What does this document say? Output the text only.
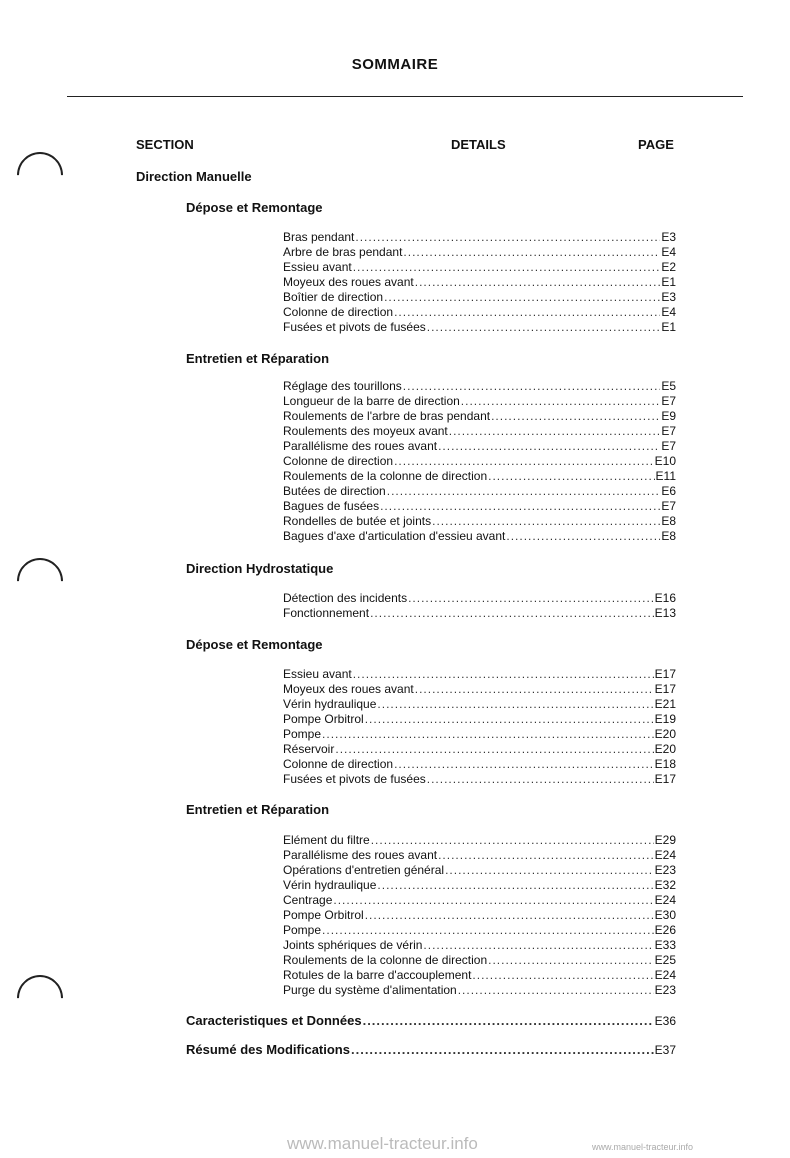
SOMMAIRE
SECTION	DETAILS	PAGE
Direction Manuelle
Dépose et Remontage
Entretien et Réparation
Direction Hydrostatique
Dépose et Remontage
Entretien et Réparation
Caracteristiques et Données .....	E36
Résumé des Modifications .....	E37
www.manuel-tracteur.info	www.manuel-tracteur.info
Bras pendant .....	E3
Arbre de bras pendant .....	E4
Essieu avant .....	E2
Moyeux des roues avant .....	E1
Boîtier de direction .....	E3
Colonne de direction .....	E4
Fusées et pivots de fusées .....	E1
Réglage des tourillons .....	E5
Longueur de la barre de direction .....	E7
Roulements de l'arbre de bras pendant .....	E9
Roulements des moyeux avant .....	E7
Parallélisme des roues avant .....	E7
Colonne de direction .....	E10
Roulements de la colonne de direction .....	E11
Butées de direction .....	E6
Bagues de fusées .....	E7
Rondelles de butée et joints .....	E8
Bagues d'axe d'articulation d'essieu avant .....	E8
Détection des incidents .....	E16
Fonctionnement .....	E13
Essieu avant .....	E17
Moyeux des roues avant .....	E17
Vérin hydraulique .....	E21
Pompe Orbitrol .....	E19
Pompe .....	E20
Réservoir .....	E20
Colonne de direction .....	E18
Fusées et pivots de fusées .....	E17
Elément du filtre .....	E29
Parallélisme des roues avant .....	E24
Opérations d'entretien général .....	E23
Vérin hydraulique .....	E32
Centrage .....	E24
Pompe Orbitrol .....	E30
Pompe .....	E26
Joints sphériques de vérin .....	E33
Roulements de la colonne de direction .....	E25
Rotules de la barre d'accouplement .....	E24
Purge du système d'alimentation .....	E23
